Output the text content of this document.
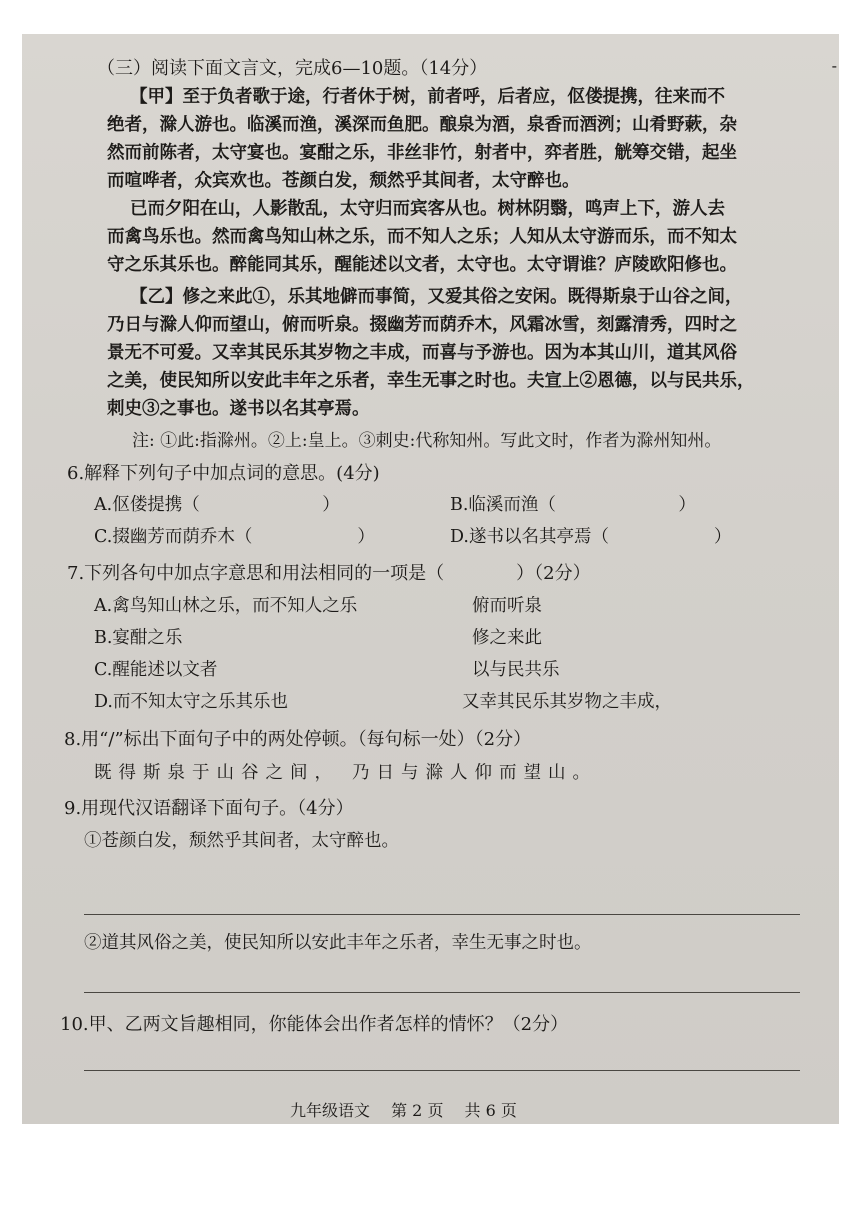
-
（三）阅读下面文言文，完成6—10题。（14分）
【甲】至于负者歌于途，行者休于树，前者呼，后者应，伛偻提携，往来而不
绝者，滁人游也。临溪而渔，溪深而鱼肥。酿泉为酒，泉香而酒洌；山肴野蔌，杂
然而前陈者，太守宴也。宴酣之乐，非丝非竹，射者中，弈者胜，觥筹交错，起坐
而喧哗者，众宾欢也。苍颜白发，颓然乎其间者，太守醉也。
已而夕阳在山，人影散乱，太守归而宾客从也。树林阴翳，鸣声上下，游人去
而禽鸟乐也。然而禽鸟知山林之乐，而不知人之乐；人知从太守游而乐，而不知太
守之乐其乐也。醉能同其乐，醒能述以文者，太守也。太守谓谁？庐陵欧阳修也。
【乙】修之来此①，乐其地僻而事简，又爱其俗之安闲。既得斯泉于山谷之间，
乃日与滁人仰而望山，俯而听泉。掇幽芳而荫乔木，风霜冰雪，刻露清秀，四时之
景无不可爱。又幸其民乐其岁物之丰成，而喜与予游也。因为本其山川，道其风俗
之美，使民知所以安此丰年之乐者，幸生无事之时也。夫宣上②恩德，以与民共乐，
刺史③之事也。遂书以名其亭焉。
注: ①此:指滁州。②上:皇上。③刺史:代称知州。写此文时，作者为滁州知州。
6.解释下列句子中加点词的意思。(4分)
A.伛偻提携（　　　　　　　）	B.临溪而渔（　　　　　　　）
C.掇幽芳而荫乔木（　　　　　　）	D.遂书以名其亭焉（　　　　　　）
7.下列各句中加点字意思和用法相同的一项是（　　　　）（2分）
A.禽鸟知山林之乐，而不知人之乐	俯而听泉
B.宴酣之乐	修之来此
C.醒能述以文者	以与民共乐
D.而不知太守之乐其乐也	又幸其民乐其岁物之丰成，
8.用“/”标出下面句子中的两处停顿。（每句标一处）（2分）
既得斯泉于山谷之间， 乃日与滁人仰而望山。
9.用现代汉语翻译下面句子。（4分）
①苍颜白发，颓然乎其间者，太守醉也。
②道其风俗之美，使民知所以安此丰年之乐者，幸生无事之时也。
10.甲、乙两文旨趣相同，你能体会出作者怎样的情怀？（2分）
九年级语文　 第 2 页　 共 6 页
